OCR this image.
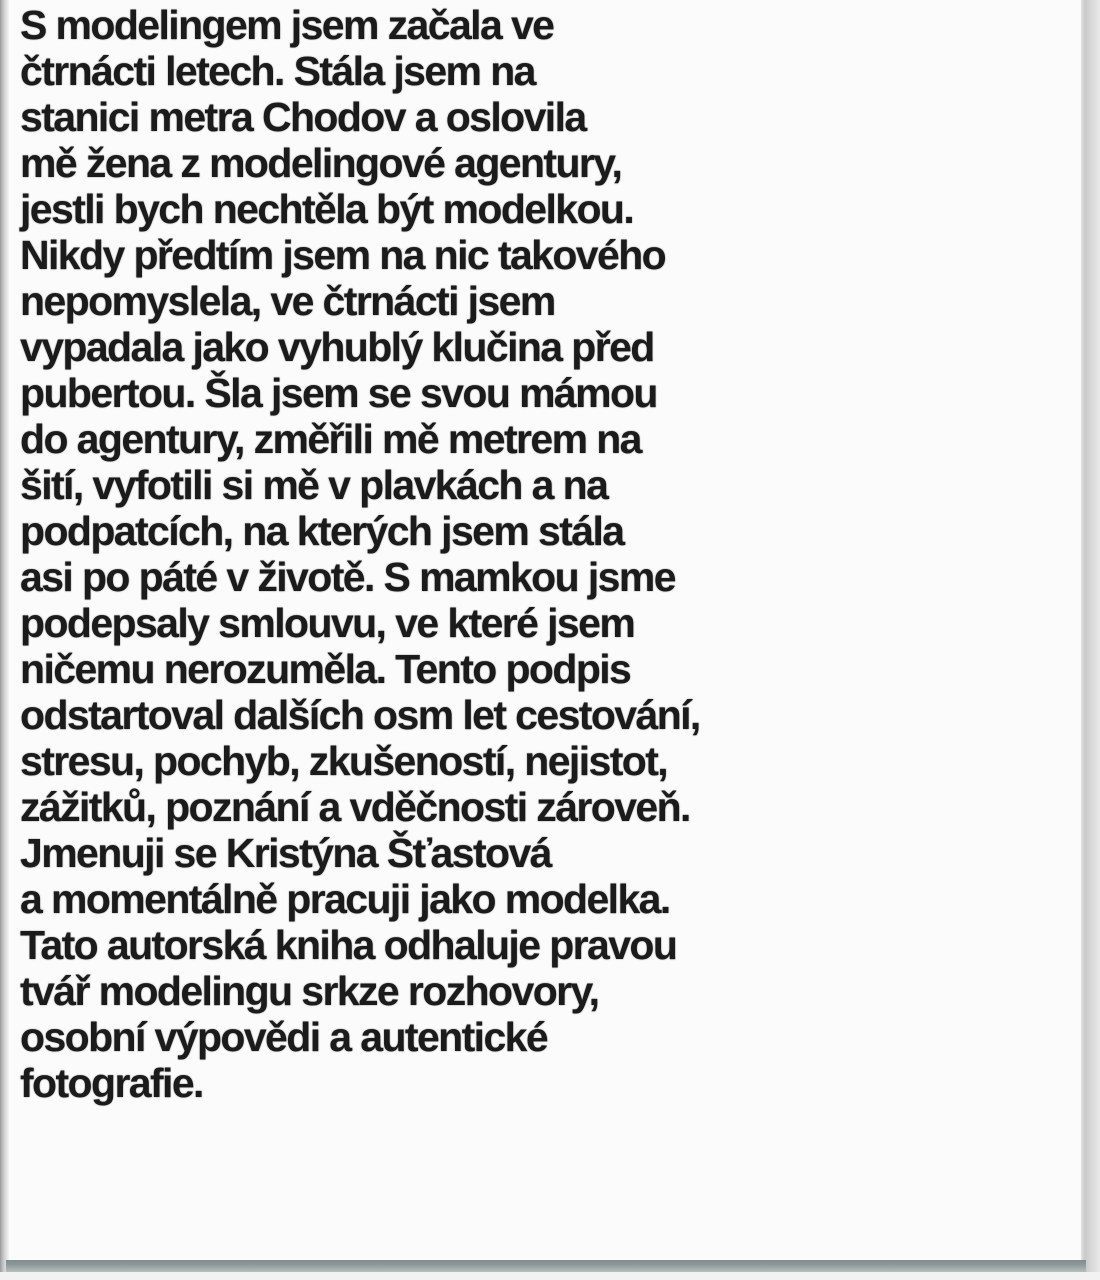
S modelingem jsem začala ve
čtrnácti letech. Stála jsem na
stanici metra Chodov a oslovila
mě žena z modelingové agentury,
jestli bych nechtěla být modelkou.
Nikdy předtím jsem na nic takového
nepomyslela, ve čtrnácti jsem
vypadala jako vyhublý klučina před
pubertou. Šla jsem se svou mámou
do agentury, změřili mě metrem na
šití, vyfotili si mě v plavkách a na
podpatcích, na kterých jsem stála
asi po páté v životě. S mamkou jsme
podepsaly smlouvu, ve které jsem
ničemu nerozuměla. Tento podpis
odstartoval dalších osm let cestování,
stresu, pochyb, zkušeností, nejistot,
zážitků, poznání a vděčnosti zároveň.
Jmenuji se Kristýna Šťastová
a momentálně pracuji jako modelka.
Tato autorská kniha odhaluje pravou
tvář modelingu srkze rozhovory,
osobní výpovědi a autentické
fotografie.
